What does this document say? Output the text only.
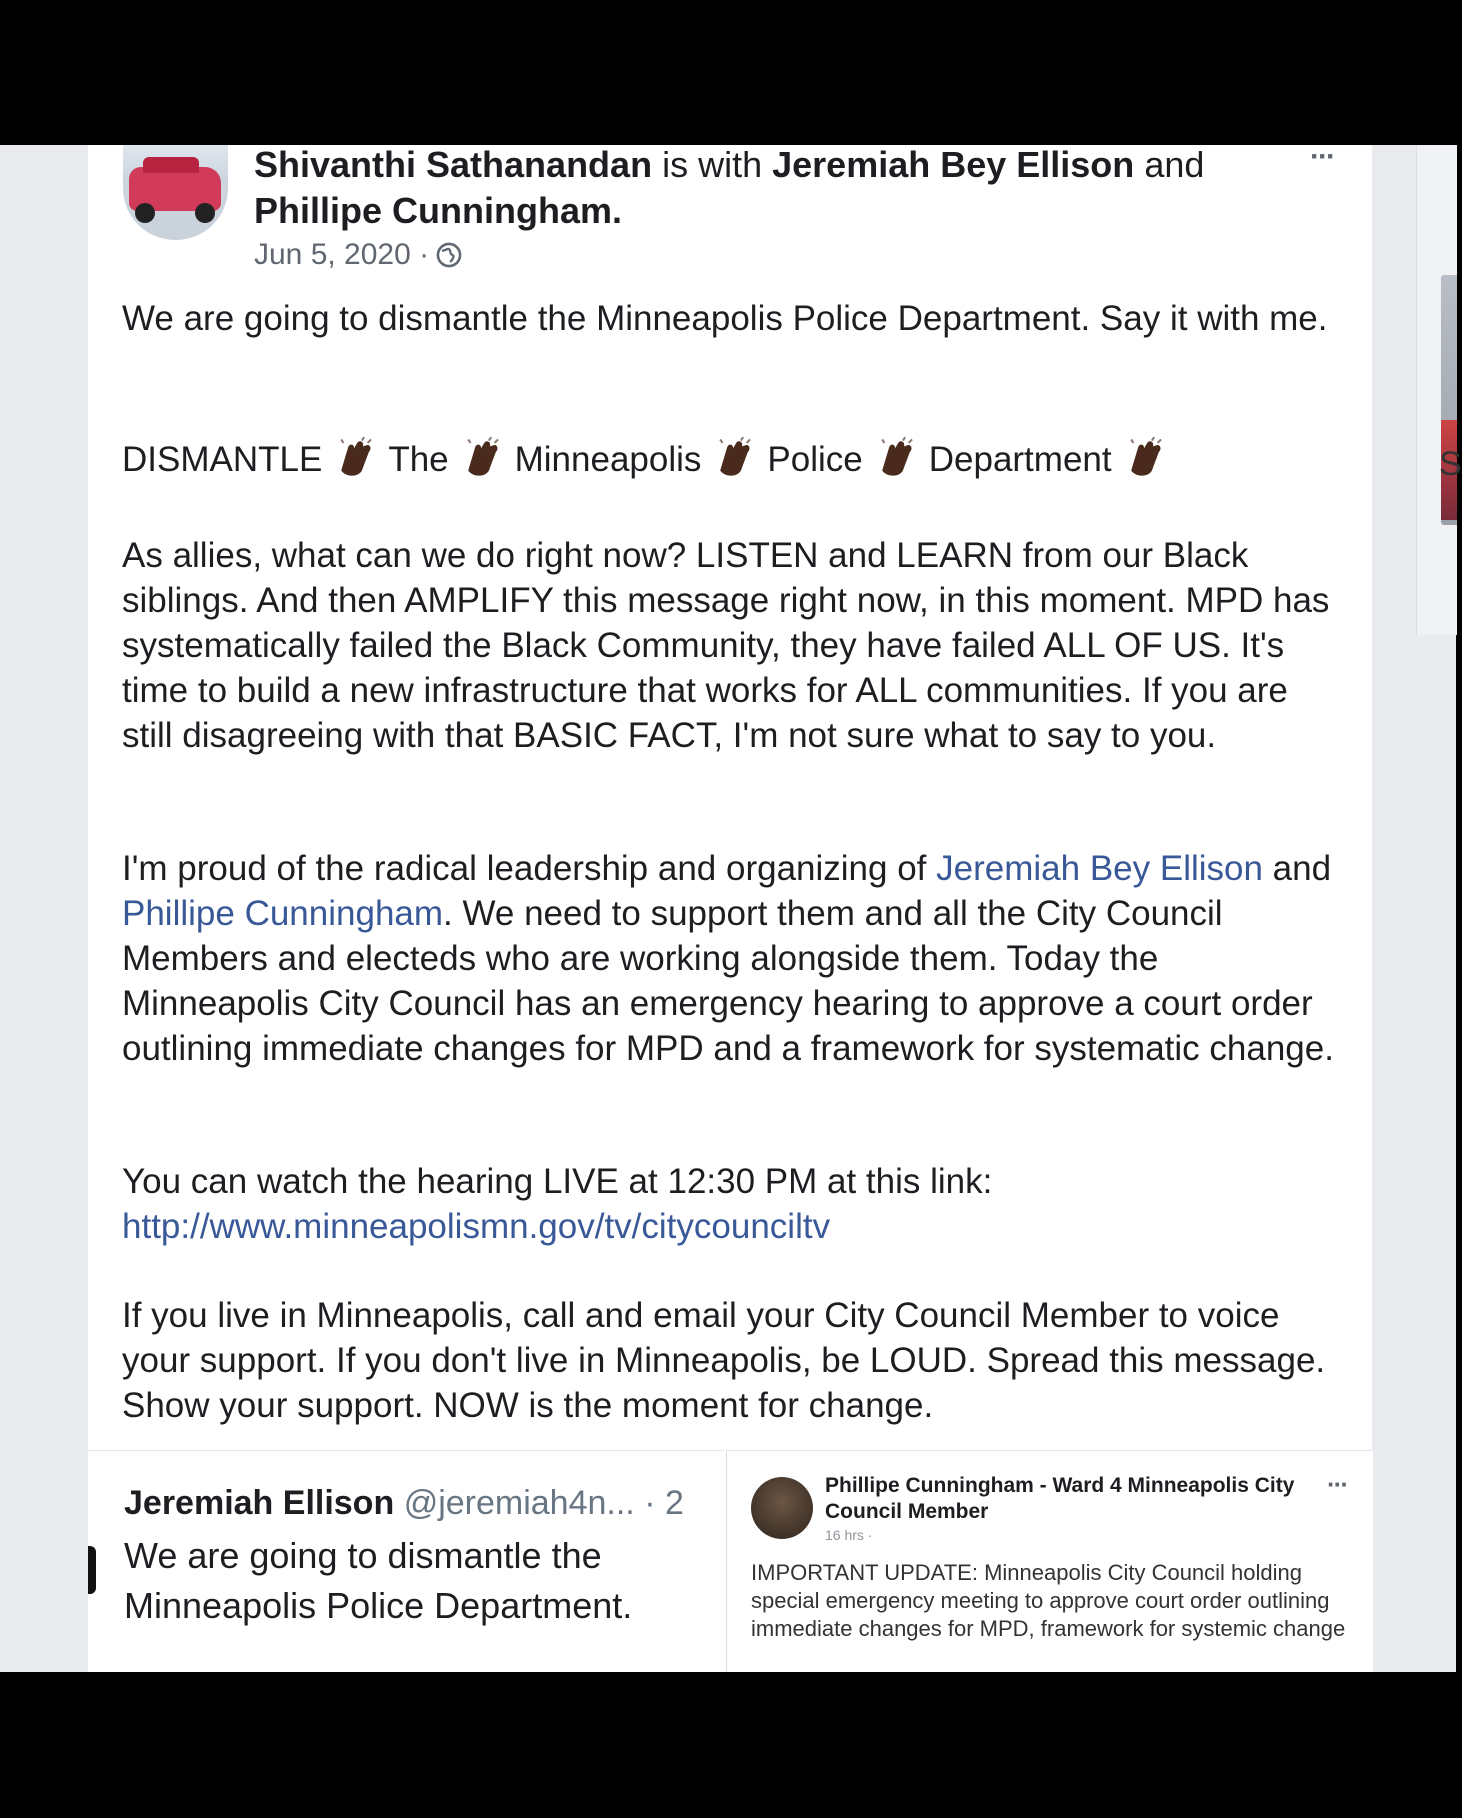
S
Shivanthi Sathanandan is with Jeremiah Bey Ellison and
Phillipe Cunningham.
Jun 5, 2020 ·
···
We are going to dismantle the Minneapolis Police Department. Say it with me.
DISMANTLE The Minneapolis Police Department
As allies, what can we do right now? LISTEN and LEARN from our Black siblings. And then AMPLIFY this message right now, in this moment. MPD has systematically failed the Black Community, they have failed ALL OF US. It's time to build a new infrastructure that works for ALL communities. If you are still disagreeing with that BASIC FACT, I'm not sure what to say to you.
I'm proud of the radical leadership and organizing of Jeremiah Bey Ellison and Phillipe Cunningham. We need to support them and all the City Council Members and electeds who are working alongside them. Today the Minneapolis City Council has an emergency hearing to approve a court order outlining immediate changes for MPD and a framework for systematic change.
You can watch the hearing LIVE at 12:30 PM at this link: http://www.minneapolismn.gov/tv/citycounciltv
If you live in Minneapolis, call and email your City Council Member to voice your support. If you don't live in Minneapolis, be LOUD. Spread this message. Show your support. NOW is the moment for change.
Jeremiah Ellison @jeremiah4n... · 2
We are going to dismantle the Minneapolis Police Department.
Phillipe Cunningham - Ward 4 Minneapolis City Council Member
16 hrs ·
···
IMPORTANT UPDATE: Minneapolis City Council holding special emergency meeting to approve court order outlining immediate changes for MPD, framework for systemic change
